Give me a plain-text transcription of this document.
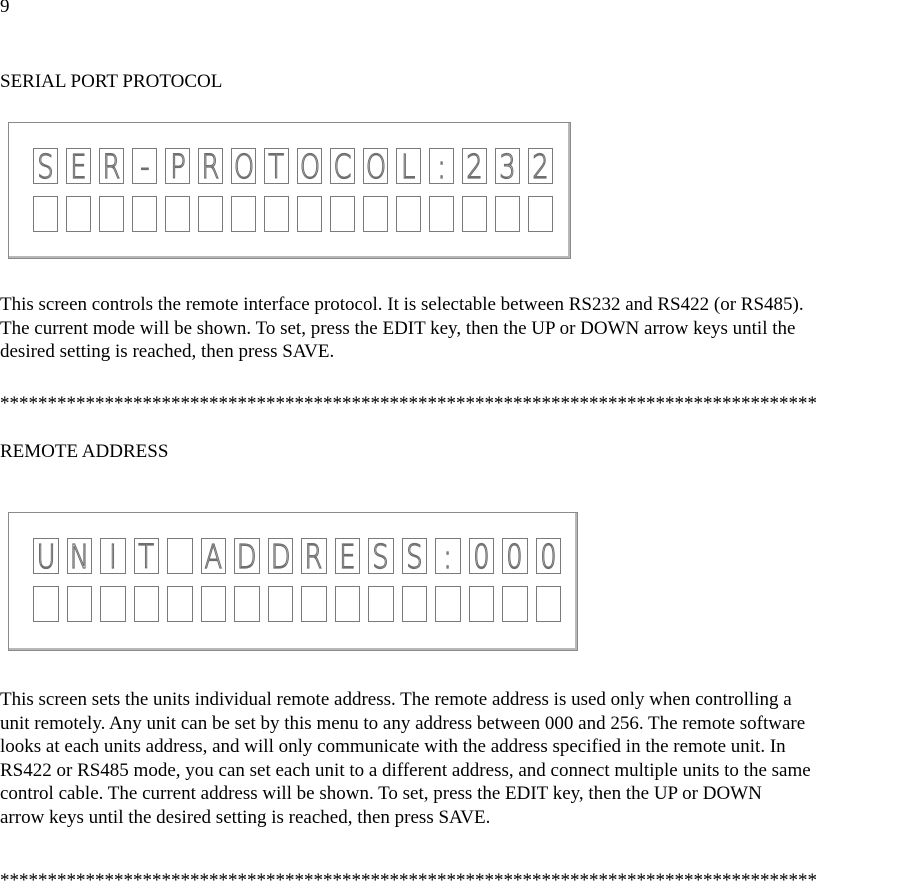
9
SERIAL PORT PROTOCOL
S E R - P R O T O C O L : 2 3 2
This screen controls the remote interface protocol. It is selectable between RS232 and RS422 (or RS485).
The current mode will be shown. To set, press the EDIT key, then the UP or DOWN arrow keys until the
desired setting is reached, then press SAVE.
**************************************************************************************
REMOTE ADDRESS
U N I T A D D R E S S : 0 0 0
This screen sets the units individual remote address. The remote address is used only when controlling a
unit remotely. Any unit can be set by this menu to any address between 000 and 256. The remote software
looks at each units address, and will only communicate with the address specified in the remote unit. In
RS422 or RS485 mode, you can set each unit to a different address, and connect multiple units to the same
control cable. The current address will be shown. To set, press the EDIT key, then the UP or DOWN
arrow keys until the desired setting is reached, then press SAVE.
**************************************************************************************
